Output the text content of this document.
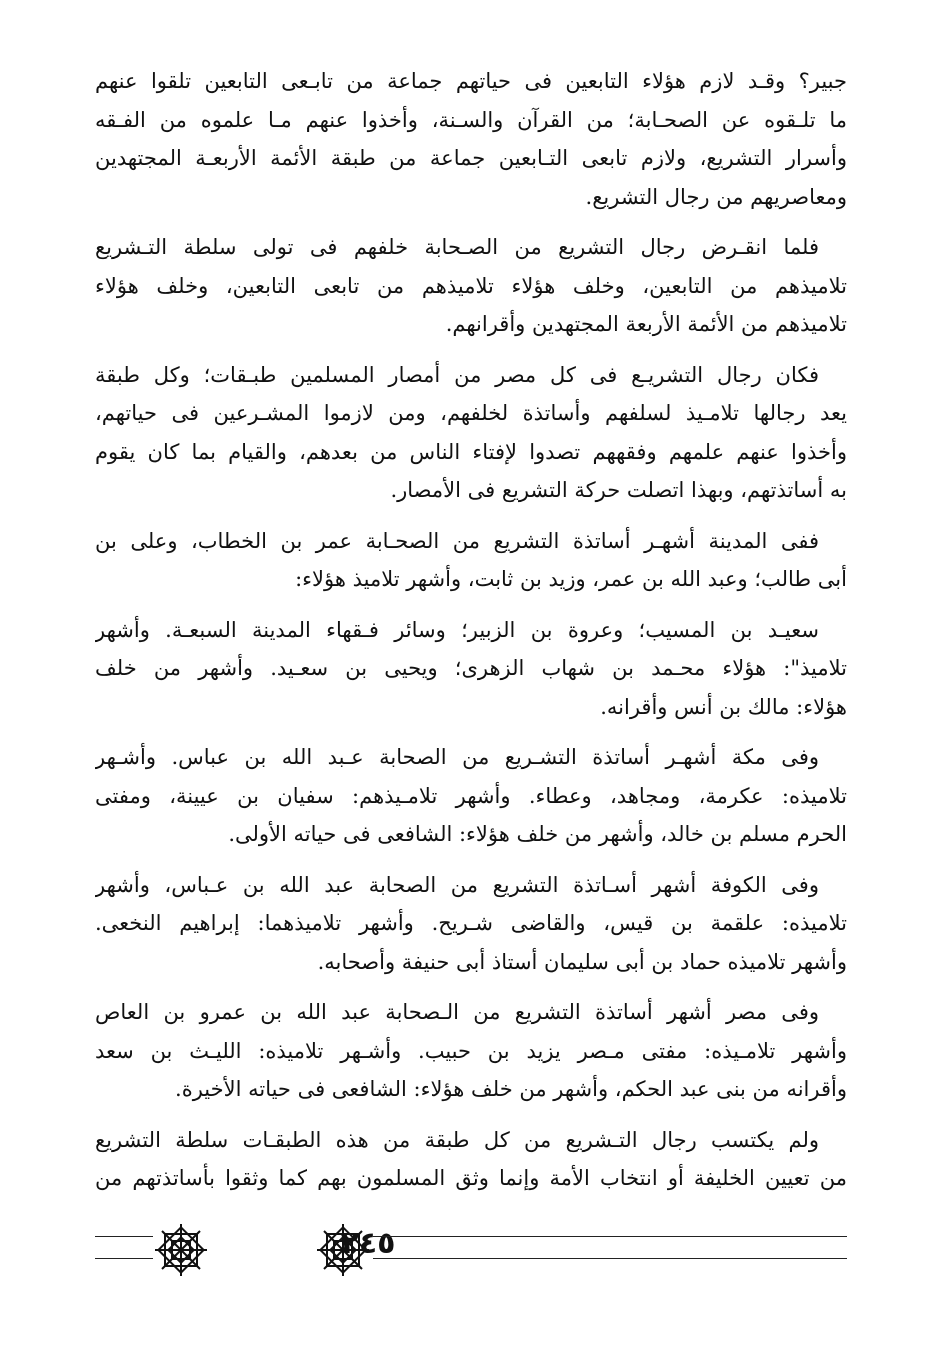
جبير؟ وقـد لازم هؤلاء التابعين فى حياتهم جماعة من تابـعى التابعين تلقوا عنهم
ما تلـقوه عن الصحـابة؛ من القرآن والسـنة، وأخذوا عنهم مـا علموه من الفـقه
وأسرار التشريع، ولازم تابعى التـابعين جماعة من طبقة الأئمة الأربعـة المجتهدين
ومعاصريهم من رجال التشريع.
فلما انقـرض رجال التشريع من الصـحابة خلفهم فى تولى سلطة التـشريع
تلاميذهم من التابعين، وخلف هؤلاء تلاميذهم من تابعى التابعين، وخلف هؤلاء
تلاميذهم من الأئمة الأربعة المجتهدين وأقرانهم.
فكان رجال التشريـع فى كل مصر من أمصار المسلمين طبـقات؛ وكل طبقة
يعد رجالها تلامـيذ لسلفهم وأساتذة لخلفهم، ومن لازموا المشـرعين فى حياتهم،
وأخذوا عنهم علمهم وفقههم تصدوا لإفتاء الناس من بعدهم، والقيام بما كان يقوم
به أساتذتهم، وبهذا اتصلت حركة التشريع فى الأمصار.
ففى المدينة أشهـر أساتذة التشريع من الصحـابة عمر بن الخطاب، وعلى بن
أبى طالب؛ وعبد الله بن عمر، وزيد بن ثابت، وأشهر تلاميذ هؤلاء:
سعيـد بن المسيب؛ وعروة بن الزبير؛ وسائر فـقهاء المدينة السبعـة. وأشهر
تلاميذ": هؤلاء محـمد بن شهاب الزهرى؛ ويحيى بن سعـيد. وأشهر من خلف
هؤلاء: مالك بن أنس وأقرانه.
وفى مكة أشهـر أساتذة التشـريع من الصحابة عـبد الله بن عباس. وأشـهر
تلاميذه: عكرمة، ومجاهد، وعطاء. وأشهر تلامـيذهم: سفيان بن عيينة، ومفتى
الحرم مسلم بن خالد، وأشهر من خلف هؤلاء: الشافعى فى حياته الأولى.
وفى الكوفة أشهر أسـاتذة التشريع من الصحابة عبد الله بن عـباس، وأشهر
تلاميذه: علقمة بن قيس، والقاضى شـريح. وأشهر تلاميذهما: إبراهيم النخعى.
وأشهر تلاميذه حماد بن أبى سليمان أستاذ أبى حنيفة وأصحابه.
وفى مصر أشهر أساتذة التشريع من الـصحابة عبد الله بن عمرو بن العاص
وأشهر تلامـيذه: مفتى مـصر يزيد بن حبيب. وأشـهر تلاميذه: الليـث بن سعد
وأقرانه من بنى عبد الحكم، وأشهر من خلف هؤلاء: الشافعى فى حياته الأخيرة.
ولم يكتسب رجال التـشريع من كل طبقة من هذه الطبقـات سلطة التشريع
من تعيين الخليفة أو انتخاب الأمة وإنما وثق المسلمون بهم كما وثقوا بأساتذتهم من
٢٤٥
